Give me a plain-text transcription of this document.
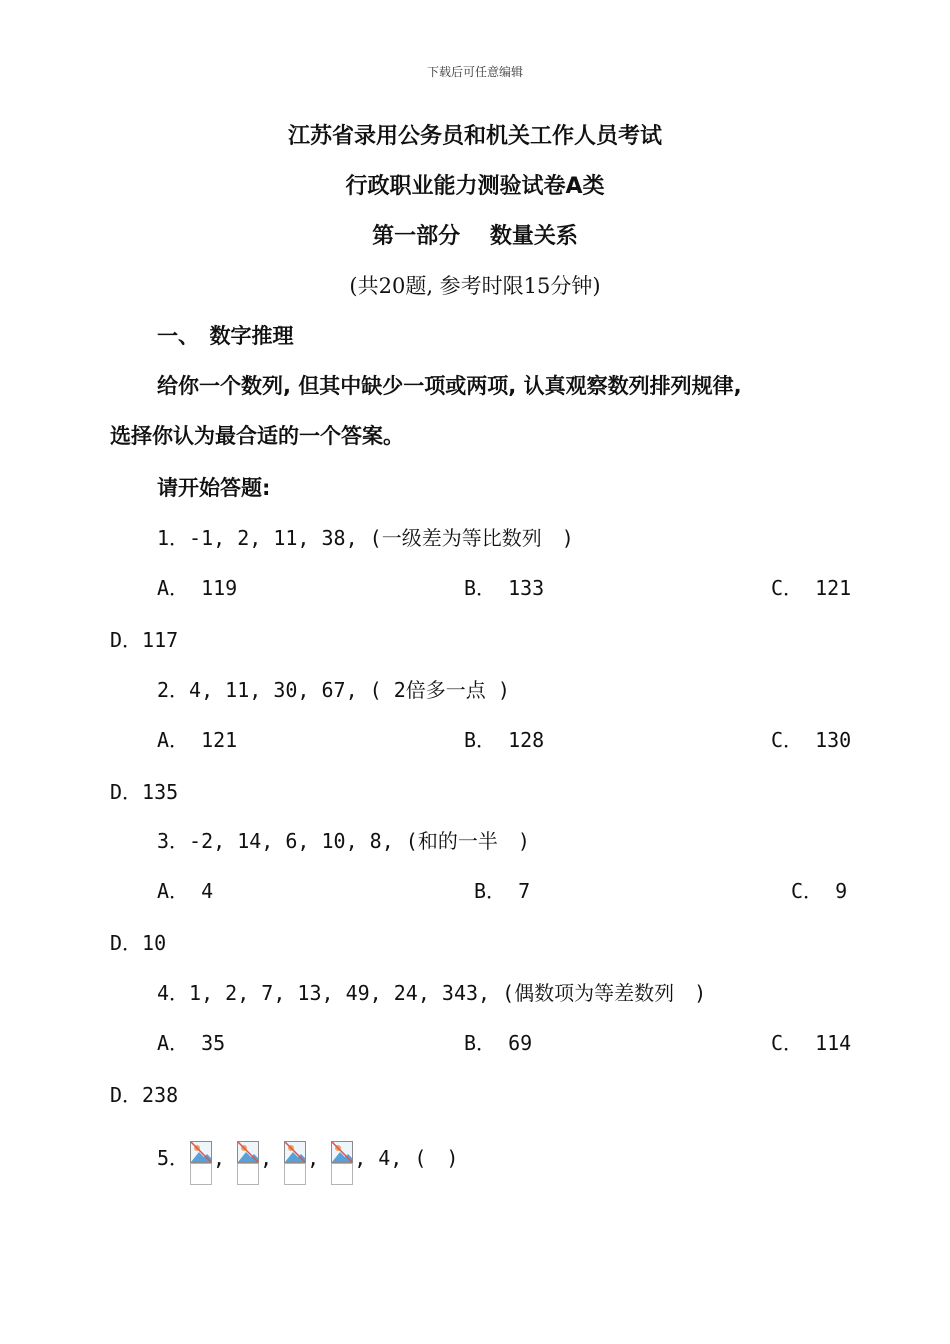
下载后可任意编辑
江苏省录用公务员和机关工作人员考试
行政职业能力测验试卷A类
第一部分　 数量关系
(共20题, 参考时限15分钟)
一、　数字推理
给你一个数列, 但其中缺少一项或两项, 认真观察数列排列规律,
选择你认为最合适的一个答案。
请开始答题:
1．-1, 2, 11, 38, (一级差为等比数列　)
A． 119	B． 133	C． 121
D．117
2．4, 11, 30, 67, ( 2倍多一点 )
A． 121	B． 128	C． 130
D．135
3．-2, 14, 6, 10, 8, (和的一半　)
A． 4	B． 7	C． 9
D．10
4．1, 2, 7, 13, 49, 24, 343, (偶数项为等差数列　)
A． 35	B． 69	C． 114
D．238
5． , , , , 4, (　)
